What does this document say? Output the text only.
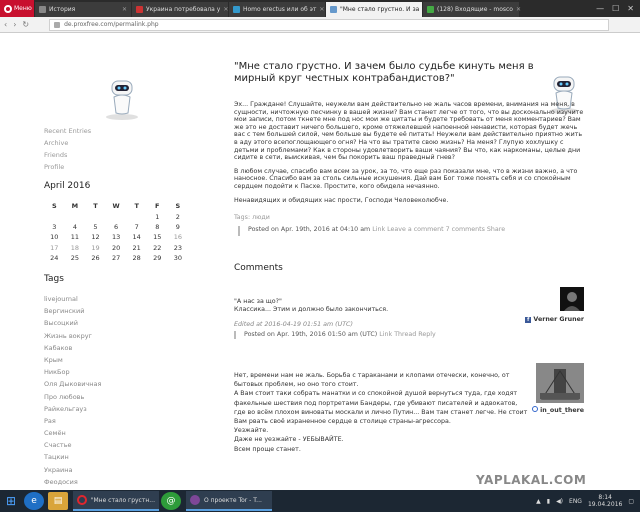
Меню	История	✕	Украина потребовала у ✕ Homo erectus или об эт ✕	"Мне стало грустно. И за	(128) Входящие - mosco ✕	— ☐ ✕
‹ › ↻	de.proxfree.com/permalink.php
Recent Entries
Archive
Friends
Profile
April 2016
S	M	T	W	T	F	S
					1	2
3	4	5	6	7	8	9
10	11	12	13	14	15	16
17	18	19	20	21	22	23
24	25	26	27	28	29	30
Tags
livejournal
Вергинский
Высоцкий
Жизнь вокруг
Кабаков
Крым
НикБор
Оля Дыковичная
Про любовь
Райкельгауз
Рая
Семён
Счастье
Тацкин
Украина
Феодосия
"Мне стало грустно. И зачем было судьбе кинуть меня в мирный круг честных контрабандистов?"

Эх... Граждане! Слушайте, неужели вам действительно не жаль часов времени, внимания на меня, в сущности, ничтожную песчинку в вашей жизни? Вам станет легче от того, что вы досконально изучите мои записи, потом ткнете мне под нос мои же цитаты и будете требовать от меня комментариев? Вам же это не доставит ничего большего, кроме отяжелевшей напоенной ненависти, которая будет жечь вас с тем большей силой, чем больше вы будете её питать! Неужели вам действительно приятно жить в аду этого всепоглощающего огня? На что вы тратите свою жизнь? На меня? Глупую хохлушку с детьми и проблемами? Как в стороны удовлетворить ваши чаяния? Вы что, как наркоманы, целые дни сидите в сети, выискивая, чем бы покорить ваш праведный гнев?

В любом случае, спасибо вам всем за урок, за то, что еще раз показали мне, что в жизни важно, а что наносное. Спасибо вам за столь сильные искушения. Дай вам Бог тоже понять себя и со спокойным сердцем подойти к Пасхе. Простите, кого обидела нечаянно.

Ненавидящих и обидящих нас прости, Господи Человеколюбче.

Tags: люди
Posted on Apr. 19th, 2016 at 04:10 am Link Leave a comment 7 comments Share
Comments
"А нас за що?"
Классика... Этим и должно было закончиться.
f Verner Gruner
Edited at 2016-04-19 01:51 am (UTC)
Posted on Apr. 19th, 2016 01:50 am (UTC) Link Thread Reply
Нет, времени нам не жаль. Борьба с тараканами и клопами отечески, конечно, от бытовых проблем, но оно того стоит.
А Вам стоит таки собрать манатки и со спокойной душой вернуться туда, где ходят факельные шествия под портретами Бандеры, где убивают писателей и адвокатов, где во всём плохом виноваты москали и лично Путин... Вам там станет легче. Не стоит Вам рвать своё израненное сердце в столице страны-агрессора.
Уезжайте.
Даже не уезжайте - УЕБЫВАЙТЕ.
Всем проще станет.
in_out_there
YAPLAKAL.COM
⊞	e	▤	"Мне стало грустн...	@	О проекте Tor - T...	▲ ▮ ◀) ENG	8:14
19.04.2016 ▢
